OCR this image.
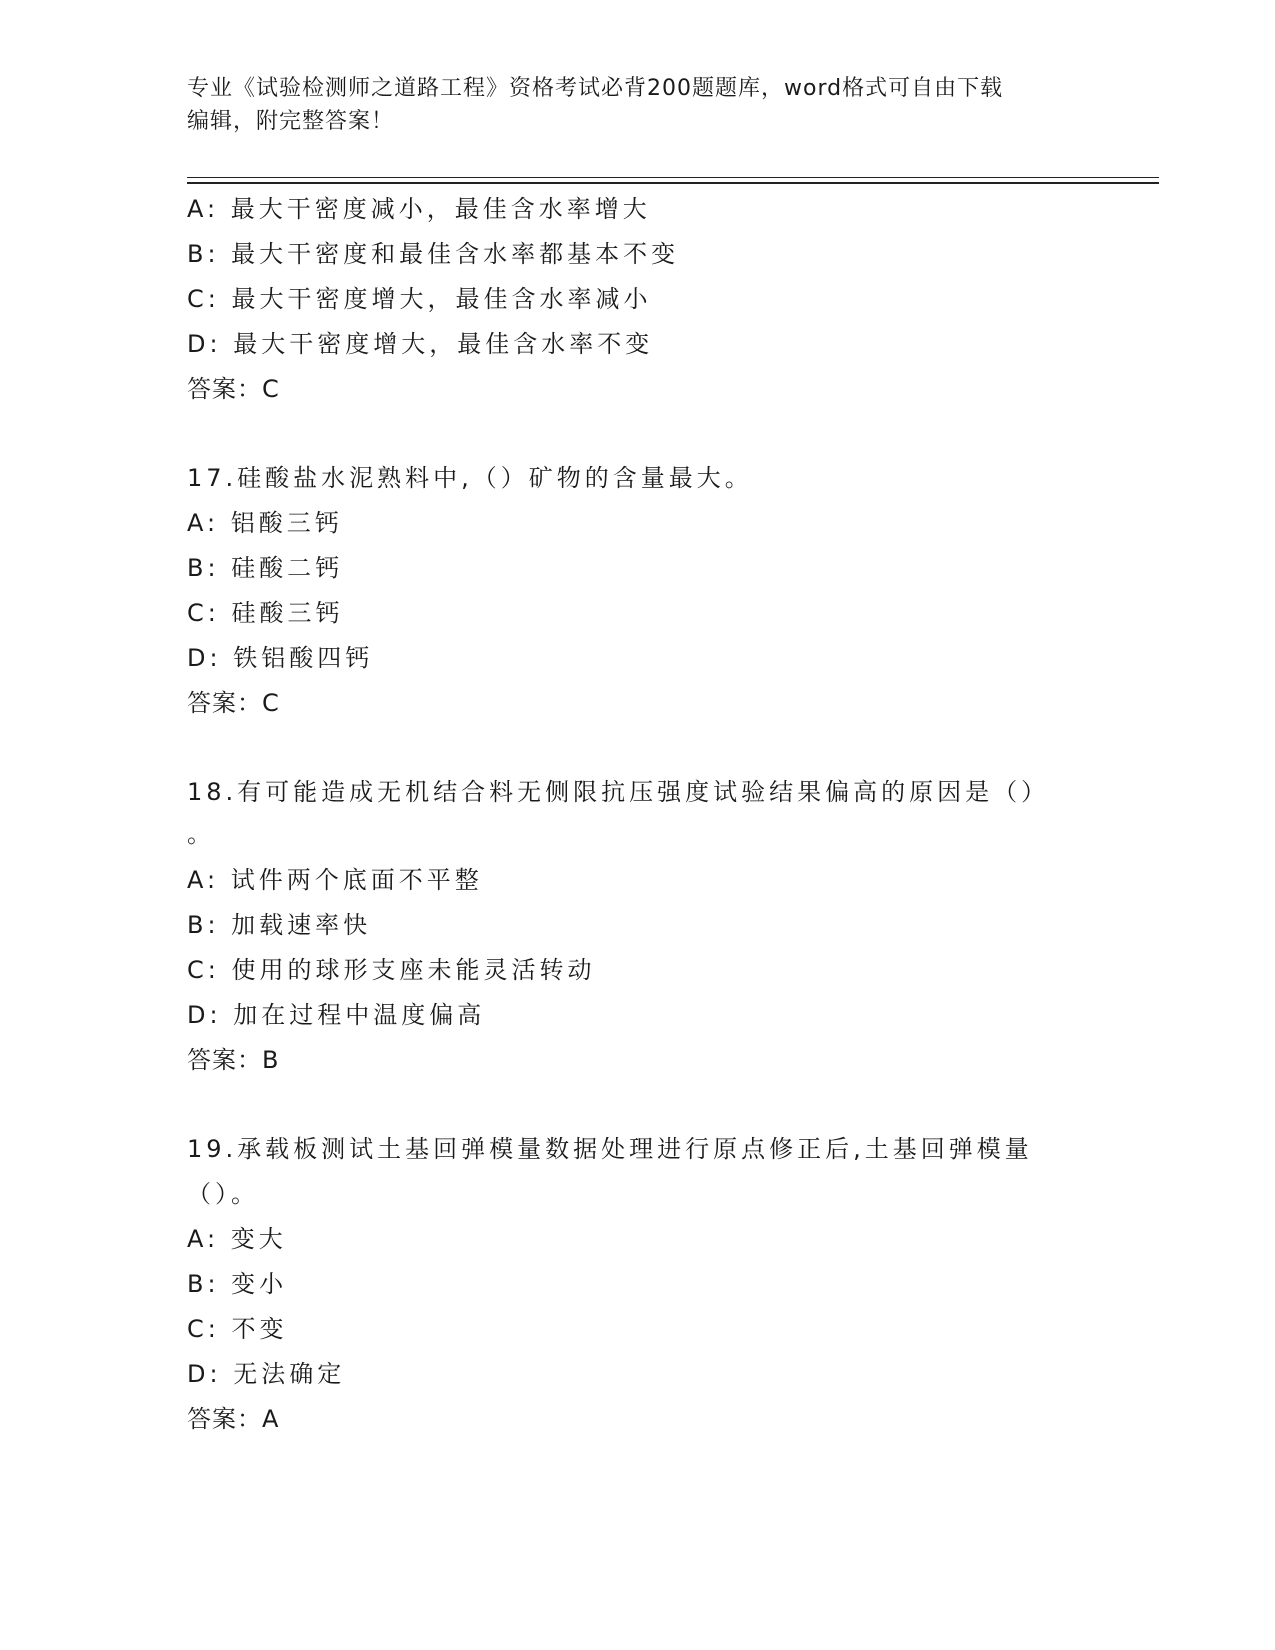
专业《试验检测师之道路工程》资格考试必背200题题库，word格式可自由下载
编辑，附完整答案！
A: 最大干密度减小，最佳含水率增大
B: 最大干密度和最佳含水率都基本不变
C: 最大干密度增大，最佳含水率减小
D: 最大干密度增大，最佳含水率不变
答案：C
17.硅酸盐水泥熟料中,（）矿物的含量最大。
A: 铝酸三钙
B: 硅酸二钙
C: 硅酸三钙
D: 铁铝酸四钙
答案：C
18.有可能造成无机结合料无侧限抗压强度试验结果偏高的原因是（）
。
A: 试件两个底面不平整
B: 加载速率快
C: 使用的球形支座未能灵活转动
D: 加在过程中温度偏高
答案：B
19.承载板测试土基回弹模量数据处理进行原点修正后,土基回弹模量
（）。
A: 变大
B: 变小
C: 不变
D: 无法确定
答案：A
